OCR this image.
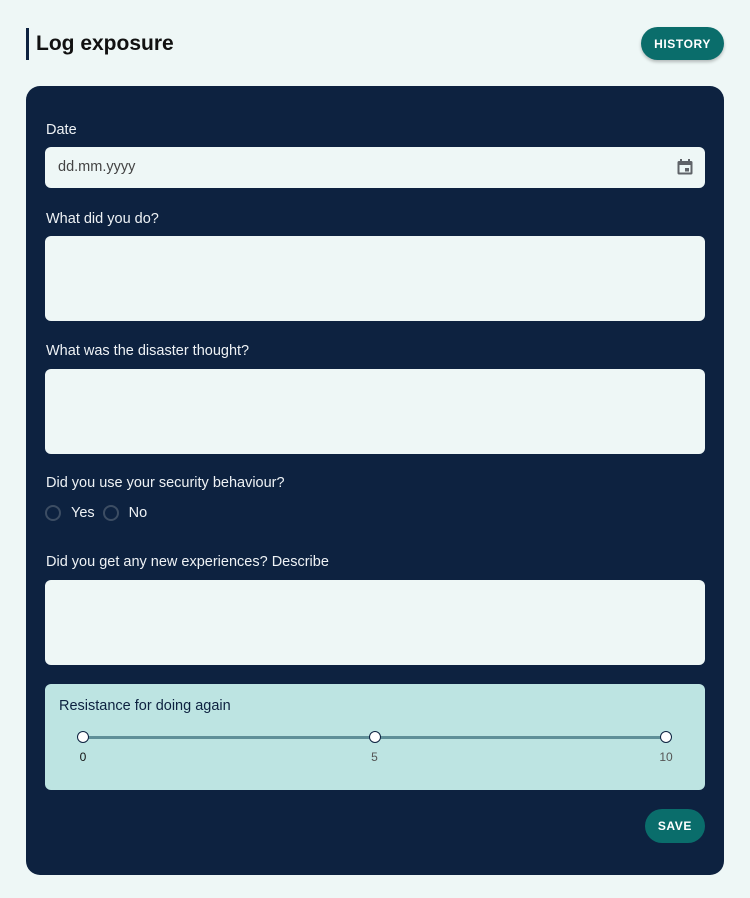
Log exposure	HISTORY
Date
dd.mm.yyyy
What did you do?
What was the disaster thought?
Did you use your security behaviour?
Yes No
Did you get any new experiences? Describe
Resistance for doing again
0	5	10
SAVE
